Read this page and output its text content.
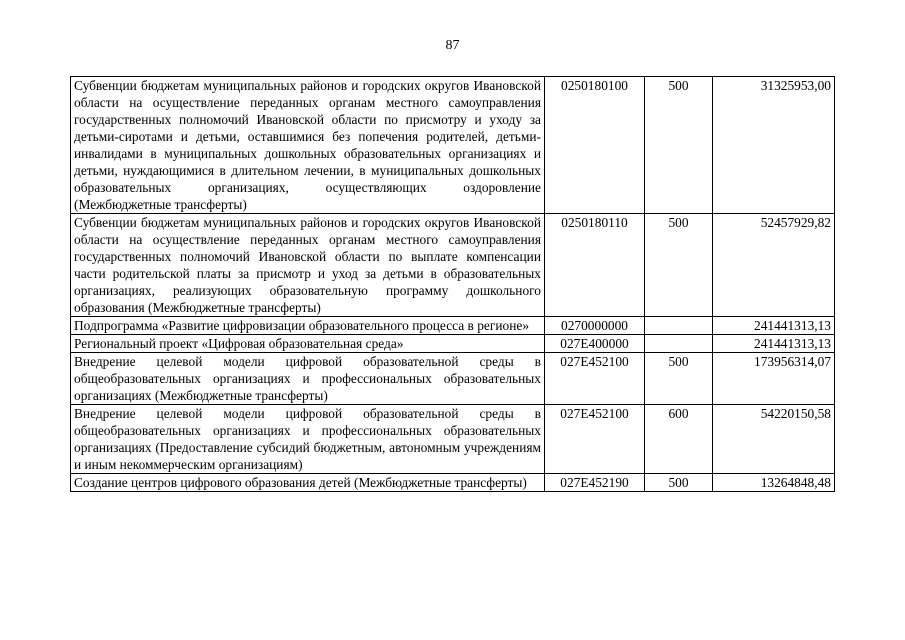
87
Субвенции бюджетам муниципальных районов и городских округов Ивановской области на осуществление переданных органам местного самоуправления государственных полномочий Ивановской области по присмотру и уходу за детьми-сиротами и детьми, оставшимися без попечения родителей, детьми-инвалидами в муниципальных дошкольных образовательных организациях и детьми, нуждающимися в длительном лечении, в муниципальных дошкольных образовательных организациях, осуществляющих оздоровление (Межбюджетные трансферты)	0250180100	500	31325953,00
Субвенции бюджетам муниципальных районов и городских округов Ивановской области на осуществление переданных органам местного самоуправления государственных полномочий Ивановской области по выплате компенсации части родительской платы за присмотр и уход за детьми в образовательных организациях, реализующих образовательную программу дошкольного образования (Межбюджетные трансферты)	0250180110	500	52457929,82
Подпрограмма «Развитие цифровизации образовательного процесса в регионе»	0270000000		241441313,13
Региональный проект «Цифровая образовательная среда»	027E400000		241441313,13
Внедрение целевой модели цифровой образовательной среды в общеобразовательных организациях и профессиональных образовательных организациях (Межбюджетные трансферты)	027E452100	500	173956314,07
Внедрение целевой модели цифровой образовательной среды в общеобразовательных организациях и профессиональных образовательных организациях (Предоставление субсидий бюджетным, автономным учреждениям и иным некоммерческим организациям)	027E452100	600	54220150,58
Создание центров цифрового образования детей (Межбюджетные трансферты)	027E452190	500	13264848,48
